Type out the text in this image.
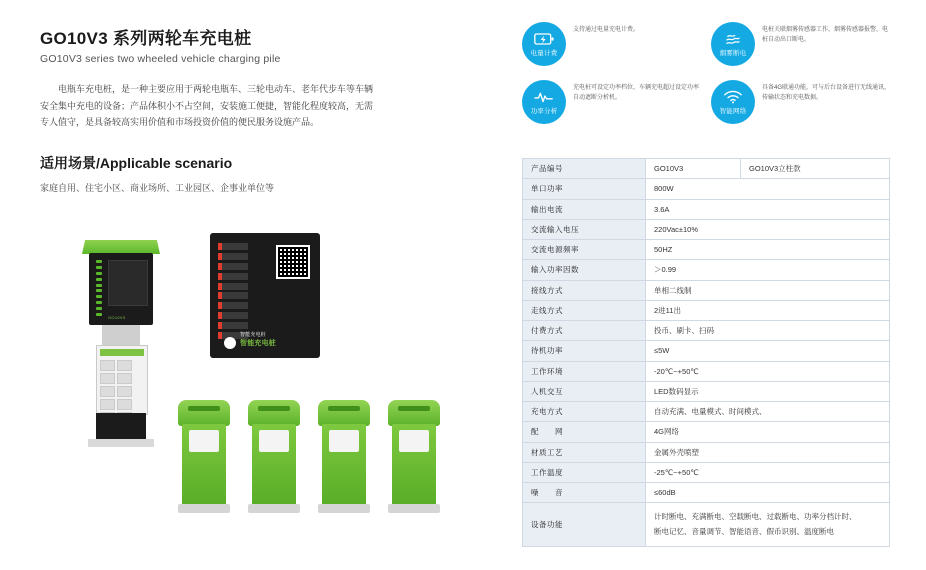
GO10V3 系列两轮车充电桩
GO10V3 series two wheeled vehicle charging pile

电瓶车充电桩，是一种主要应用于两轮电瓶车、三轮电动车、老年代步车等车辆安全集中充电的设备；产品体积小不占空间，安装施工便捷，智能化程度较高，无需专人值守，是具备较高实用价值和市场投资价值的便民服务设施产品。

适用场景/Applicable scenario

家庭自用、住宅小区、商业场所、工业园区、企事业单位等

GO10V3
智能充电桩
智能充电桩
电量计费
支持通过电量充电计费。
烟雾断电
电桩关联烟雾传感器工作，烟雾传感器报警，电桩自动出口断电。
功率分析
充电桩可设定功率档位，车辆充电超过设定功率自动遮断分析机。
智能网络
具备4G联通功能，可与后台设备进行无线通讯，传输状态和充电数据。
产品编号	GO10V3	GO10V3立柱款
单口功率	800W	
输出电流	3.6A	
交流输入电压	220Vac±10%	
交流电源频率	50HZ	
输入功率因数	＞0.99	
接线方式	单相二线制	
走线方式	2进11出	
付费方式	投币、刷卡、扫码	
待机功率	≤5W	
工作环境	-20℃~+50℃	
人机交互	LED数码显示	
充电方式	自动充满、电量模式、时间模式、	
配　　网	4G网络	
材质工艺	金属外壳喷塑	
工作温度	-25℃~+50℃	
噪　　音	≤60dB	
设备功能	计时断电、充满断电、空载断电、过载断电、功率分档计时、
断电记忆、音量调节、智能语音、假币识别、温度断电	
